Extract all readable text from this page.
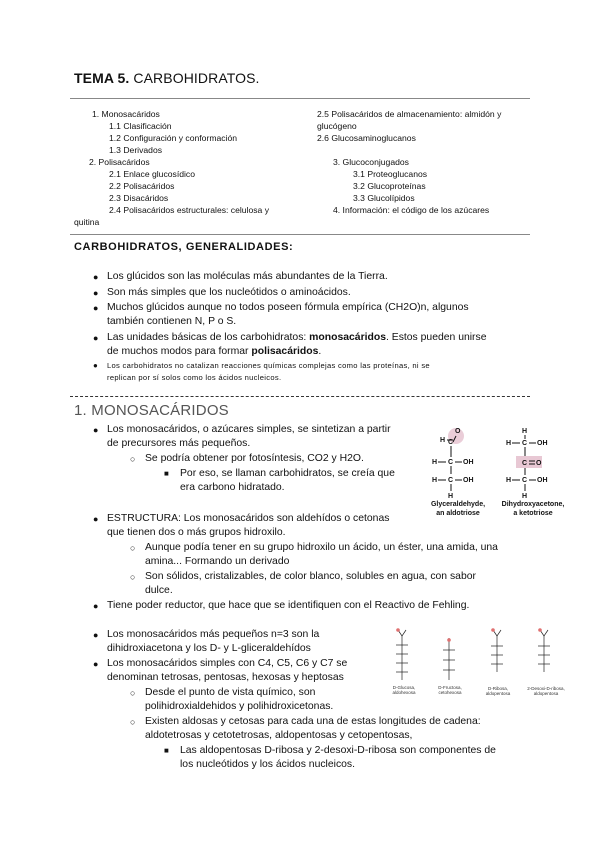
TEMA 5. CARBOHIDRATOS.
1. Monosacáridos
1.1 Clasificación
1.2 Configuración y conformación
1.3 Derivados
2. Polisacáridos
2.1 Enlace glucosídico
2.2 Polisacáridos
2.3 Disacáridos
2.4 Polisacáridos estructurales: celulosa y
quitina
2.5 Polisacáridos de almacenamiento: almidón y
glucógeno
2.6 Glucosaminoglucanos
3. Glucoconjugados
3.1 Proteoglucanos
3.2 Glucoproteínas
3.3 Glucolípidos
4. Información: el código de los azúcares
CARBOHIDRATOS, GENERALIDADES:
● Los glúcidos son las moléculas más abundantes de la Tierra.
● Son más simples que los nucleótidos o aminoácidos.
● Muchos glúcidos aunque no todos poseen fórmula empírica (CH2O)n, algunos
también contienen N, P o S.
● Las unidades básicas de los carbohidratos: monosacáridos. Estos pueden unirse
de muchos modos para formar polisacáridos.
● Los carbohidratos no catalizan reacciones químicas complejas como las proteínas, ni se
replican por sí solos como los ácidos nucleicos.
1. MONOSACÁRIDOS
● Los monosacáridos, o azúcares simples, se sintetizan a partir
de precursores más pequeños.
○ Se podría obtener por fotosíntesis, CO2 y H2O.
■ Por eso, se llaman carbohidratos, se creía que
era carbono hidratado.
● ESTRUCTURA: Los monosacáridos son aldehídos o cetonas
que tienen dos o más grupos hidroxilo.
○ Aunque podía tener en su grupo hidroxilo un ácido, un éster, una amida, una
amina... Formando un derivado
○ Son sólidos, cristalizables, de color blanco, solubles en agua, con sabor
dulce.
● Tiene poder reductor, que hace que se identifiquen con el Reactivo de Fehling.
● Los monosacáridos más pequeños n=3 son la
dihidroxiacetona y los D- y L-gliceraldehídos
● Los monosacáridos simples con C4, C5, C6 y C7 se
denominan tetrosas, pentosas, hexosas y heptosas
○ Desde el punto de vista químico, son
polihidroxialdehidos y polihidroxicetonas.
○ Existen aldosas y cetosas para cada una de estas longitudes de cadena:
aldotetrosas y cetotetrosas, aldopentosas y cetopentosas,
■ Las aldopentosas D-ribosa y 2-desoxi-D-ribosa son componentes de
los nucleótidos y los ácidos nucleicos.
O
H C
H C OH
H C OH
H
H C OH
H
C O
H C OH
H
Glyceraldehyde,
an aldotriose
Dihydroxyacetone,
a ketotriose
D-Glucosa,
aldohexosa
D-Fructosa,
cetohexosa
D-Ribosa,
aldopentosa
2-Desoxi-D-ribosa,
aldopentosa
